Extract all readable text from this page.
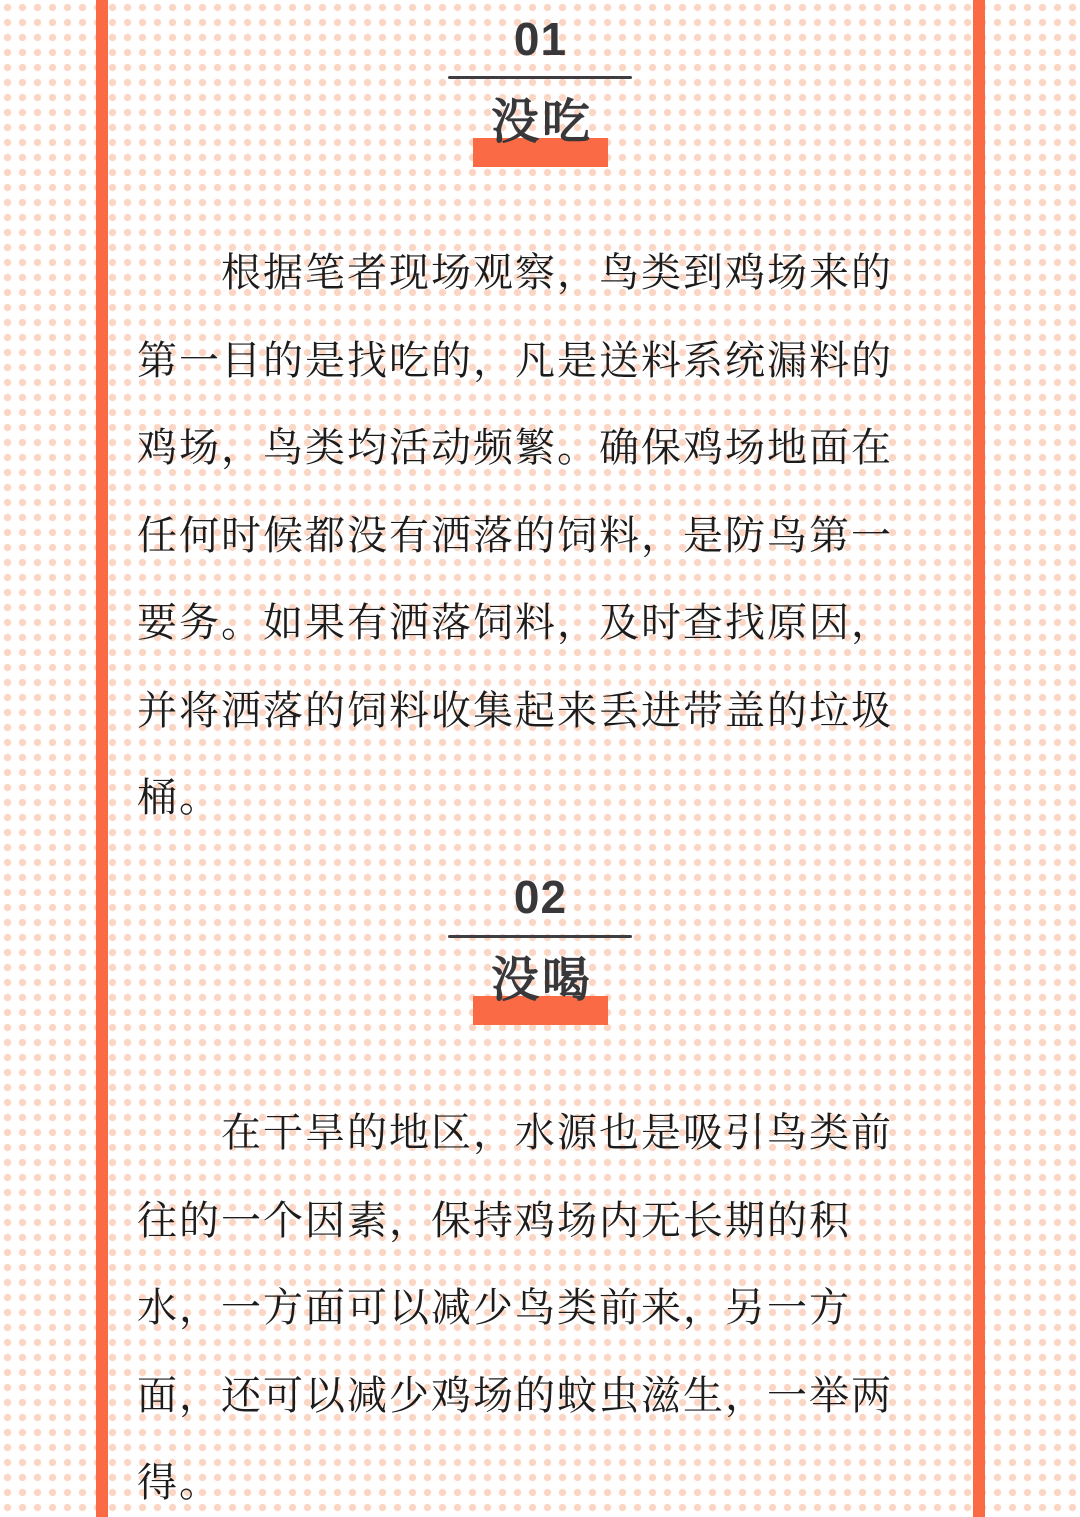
01
没吃

根据笔者现场观察，鸟类到鸡场来的第一目的是找吃的，凡是送料系统漏料的鸡场，鸟类均活动频繁。确保鸡场地面在任何时候都没有洒落的饲料，是防鸟第一要务。如果有洒落饲料，及时查找原因，并将洒落的饲料收集起来丢进带盖的垃圾桶。

02
没喝

在干旱的地区，水源也是吸引鸟类前往的一个因素，保持鸡场内无长期的积水，一方面可以减少鸟类前来，另一方面，还可以减少鸡场的蚊虫滋生，一举两得。
